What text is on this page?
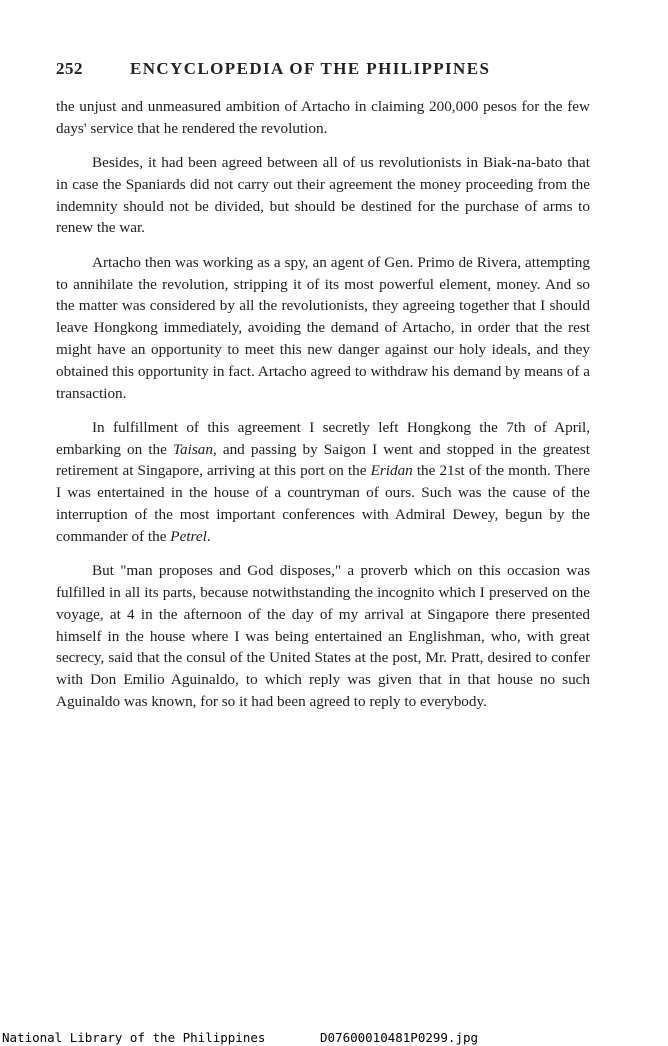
252	ENCYCLOPEDIA OF THE PHILIPPINES

the unjust and unmeasured ambition of Artacho in claiming 200,000 pesos for the few days' service that he rendered the revolution.

Besides, it had been agreed between all of us revolutionists in Biak-na-bato that in case the Spaniards did not carry out their agreement the money proceeding from the indemnity should not be divided, but should be destined for the purchase of arms to renew the war.

Artacho then was working as a spy, an agent of Gen. Primo de Rivera, attempting to annihilate the revolution, stripping it of its most powerful element, money. And so the matter was considered by all the revolutionists, they agreeing together that I should leave Hongkong immediately, avoiding the demand of Artacho, in order that the rest might have an opportunity to meet this new danger against our holy ideals, and they obtained this opportunity in fact. Artacho agreed to withdraw his demand by means of a transaction.

In fulfillment of this agreement I secretly left Hongkong the 7th of April, embarking on the Taisan, and passing by Saigon I went and stopped in the greatest retirement at Singapore, arriving at this port on the Eridan the 21st of the month. There I was entertained in the house of a countryman of ours. Such was the cause of the interruption of the most important conferences with Admiral Dewey, begun by the commander of the Petrel.

But "man proposes and God disposes," a proverb which on this occasion was fulfilled in all its parts, because notwithstanding the incognito which I preserved on the voyage, at 4 in the afternoon of the day of my arrival at Singapore there presented himself in the house where I was being entertained an Englishman, who, with great secrecy, said that the consul of the United States at the post, Mr. Pratt, desired to confer with Don Emilio Aguinaldo, to which reply was given that in that house no such Aguinaldo was known, for so it had been agreed to reply to everybody.

National Library of the Philippines	D07600010481P0299.jpg
